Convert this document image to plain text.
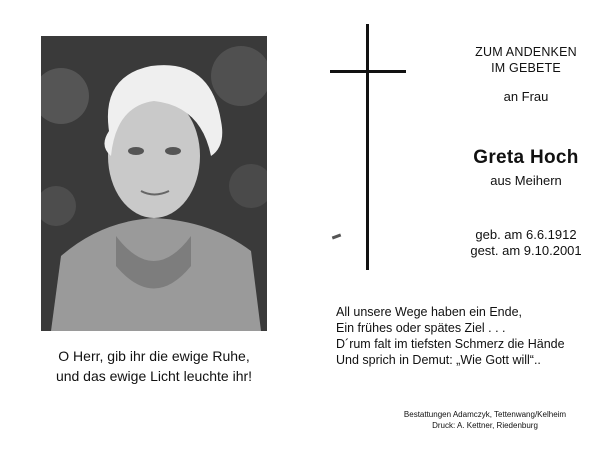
O Herr, gib ihr die ewige Ruhe,
und das ewige Licht leuchte ihr!
ZUM ANDENKEN
IM GEBETE
an Frau
Greta Hoch
aus Meihern
geb. am 6.6.1912
gest. am 9.10.2001
All unsere Wege haben ein Ende,
Ein frühes oder spätes Ziel . . .
D´rum falt im tiefsten Schmerz die Hände
Und sprich in Demut: „Wie Gott will“..
Bestattungen Adamczyk, Tettenwang/Kelheim
Druck: A. Kettner, Riedenburg
